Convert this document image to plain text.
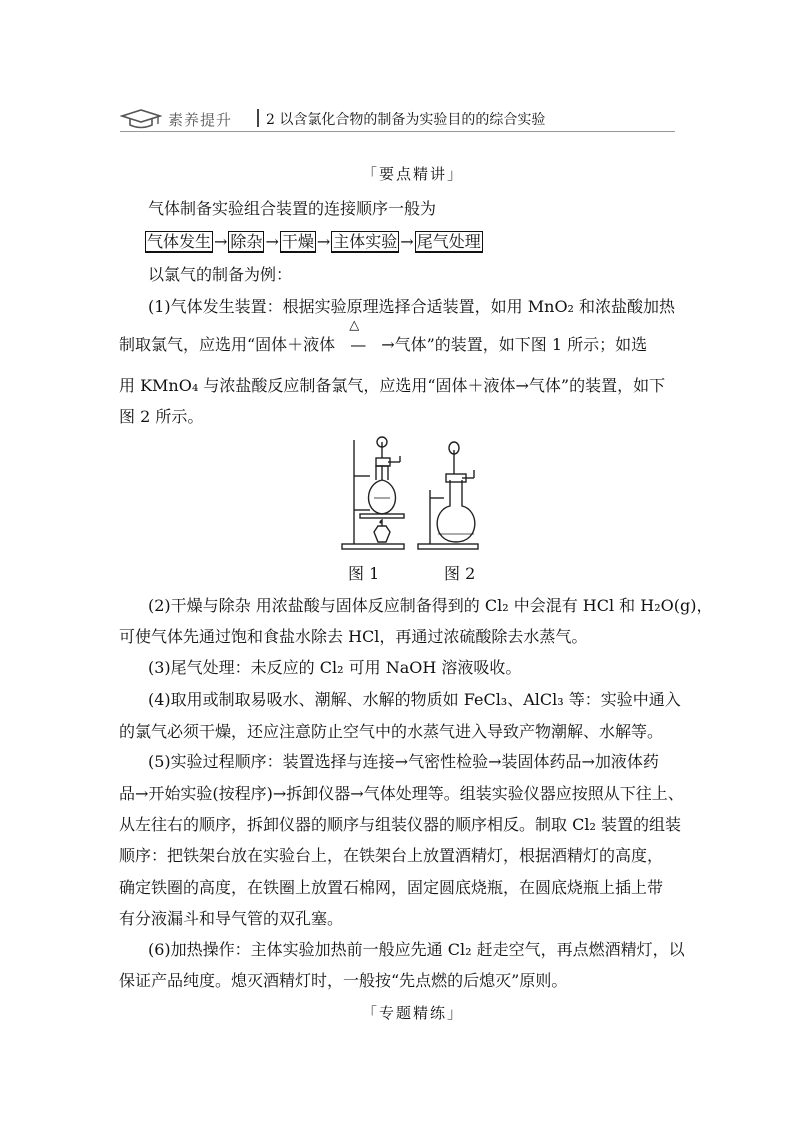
素养提升 2 以含氯化合物的制备为实验目的的综合实验
「要点精讲」
气体制备实验组合装置的连接顺序一般为
气体发生 → 除杂 → 干燥 → 主体实验 → 尾气处理
以氯气的制备为例：
(1)气体发生装置：根据实验原理选择合适装置，如用 MnO₂ 和浓盐酸加热
制取氯气，应选用“固体＋液体
△
— →气体”的装置，如下图 1 所示；如选
用 KMnO₄ 与浓盐酸反应制备氯气，应选用“固体＋液体→气体”的装置，如下
图 2 所示。
图 1	图 2
(2)干燥与除杂 用浓盐酸与固体反应制备得到的 Cl₂ 中会混有 HCl 和 H₂O(g)，
可使气体先通过饱和食盐水除去 HCl，再通过浓硫酸除去水蒸气。
(3)尾气处理：未反应的 Cl₂ 可用 NaOH 溶液吸收。
(4)取用或制取易吸水、潮解、水解的物质如 FeCl₃、AlCl₃ 等：实验中通入
的氯气必须干燥，还应注意防止空气中的水蒸气进入导致产物潮解、水解等。
(5)实验过程顺序：装置选择与连接→气密性检验→装固体药品→加液体药
品→开始实验(按程序)→拆卸仪器→气体处理等。组装实验仪器应按照从下往上、
从左往右的顺序，拆卸仪器的顺序与组装仪器的顺序相反。制取 Cl₂ 装置的组装
顺序：把铁架台放在实验台上，在铁架台上放置酒精灯，根据酒精灯的高度，
确定铁圈的高度，在铁圈上放置石棉网，固定圆底烧瓶，在圆底烧瓶上插上带
有分液漏斗和导气管的双孔塞。
(6)加热操作：主体实验加热前一般应先通 Cl₂ 赶走空气，再点燃酒精灯，以
保证产品纯度。熄灭酒精灯时，一般按“先点燃的后熄灭”原则。
「专题精练」
